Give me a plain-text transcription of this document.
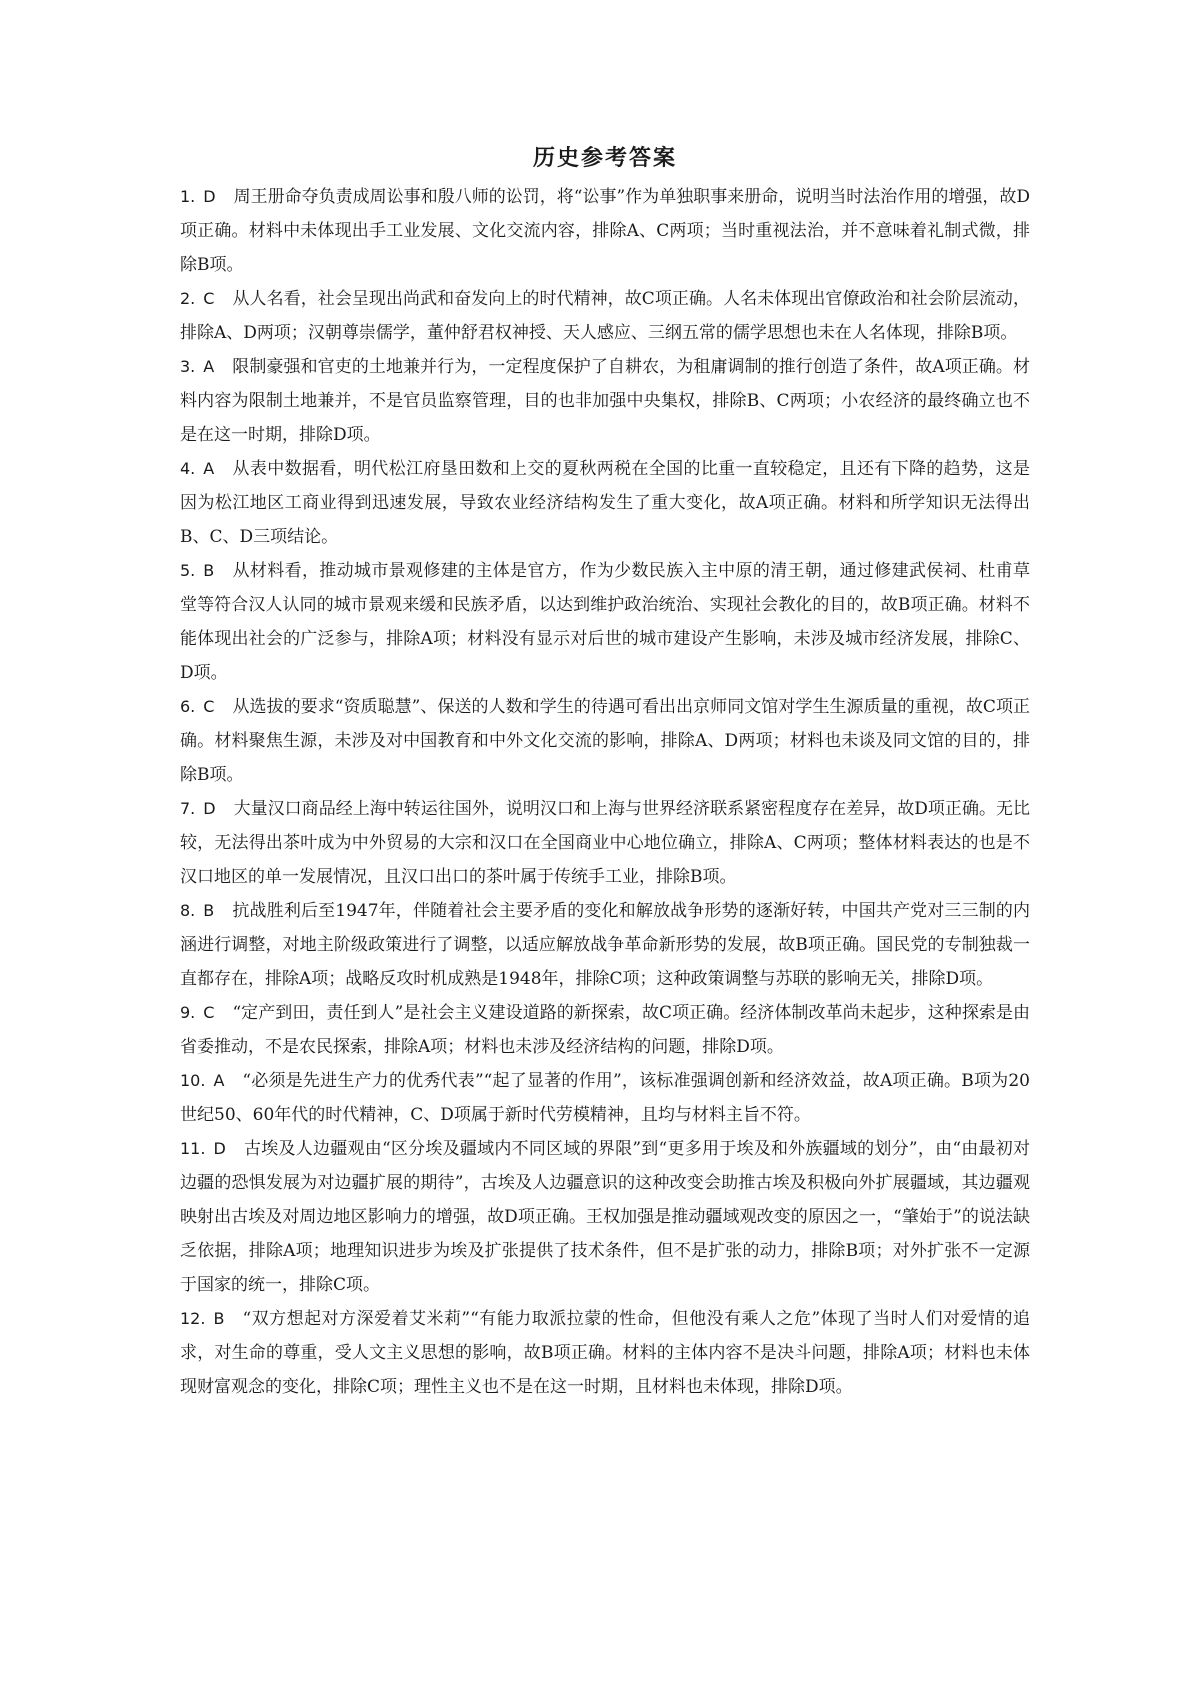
历史参考答案

1. D 周王册命夺负责成周讼事和殷八师的讼罚，将“讼事”作为单独职事来册命，说明当时法治作用的增强，故D项正确。材料中未体现出手工业发展、文化交流内容，排除A、C两项；当时重视法治，并不意味着礼制式微，排除B项。

2. C 从人名看，社会呈现出尚武和奋发向上的时代精神，故C项正确。人名未体现出官僚政治和社会阶层流动，排除A、D两项；汉朝尊崇儒学，董仲舒君权神授、天人感应、三纲五常的儒学思想也未在人名体现，排除B项。

3. A 限制豪强和官吏的土地兼并行为，一定程度保护了自耕农，为租庸调制的推行创造了条件，故A项正确。材料内容为限制土地兼并，不是官员监察管理，目的也非加强中央集权，排除B、C两项；小农经济的最终确立也不是在这一时期，排除D项。

4. A 从表中数据看，明代松江府垦田数和上交的夏秋两税在全国的比重一直较稳定，且还有下降的趋势，这是因为松江地区工商业得到迅速发展，导致农业经济结构发生了重大变化，故A项正确。材料和所学知识无法得出B、C、D三项结论。

5. B 从材料看，推动城市景观修建的主体是官方，作为少数民族入主中原的清王朝，通过修建武侯祠、杜甫草堂等符合汉人认同的城市景观来缓和民族矛盾，以达到维护政治统治、实现社会教化的目的，故B项正确。材料不能体现出社会的广泛参与，排除A项；材料没有显示对后世的城市建设产生影响，未涉及城市经济发展，排除C、D项。

6. C 从选拔的要求“资质聪慧”、保送的人数和学生的待遇可看出出京师同文馆对学生生源质量的重视，故C项正确。材料聚焦生源，未涉及对中国教育和中外文化交流的影响，排除A、D两项；材料也未谈及同文馆的目的，排除B项。

7. D 大量汉口商品经上海中转运往国外，说明汉口和上海与世界经济联系紧密程度存在差异，故D项正确。无比较，无法得出茶叶成为中外贸易的大宗和汉口在全国商业中心地位确立，排除A、C两项；整体材料表达的也是不汉口地区的单一发展情况，且汉口出口的茶叶属于传统手工业，排除B项。

8. B 抗战胜利后至1947年，伴随着社会主要矛盾的变化和解放战争形势的逐渐好转，中国共产党对三三制的内涵进行调整，对地主阶级政策进行了调整，以适应解放战争革命新形势的发展，故B项正确。国民党的专制独裁一直都存在，排除A项；战略反攻时机成熟是1948年，排除C项；这种政策调整与苏联的影响无关，排除D项。

9. C “定产到田，责任到人”是社会主义建设道路的新探索，故C项正确。经济体制改革尚未起步，这种探索是由省委推动，不是农民探索，排除A项；材料也未涉及经济结构的问题，排除D项。

10. A “必须是先进生产力的优秀代表”“起了显著的作用”，该标准强调创新和经济效益，故A项正确。B项为20世纪50、60年代的时代精神，C、D项属于新时代劳模精神，且均与材料主旨不符。

11. D 古埃及人边疆观由“区分埃及疆域内不同区域的界限”到“更多用于埃及和外族疆域的划分”，由“由最初对边疆的恐惧发展为对边疆扩展的期待”，古埃及人边疆意识的这种改变会助推古埃及积极向外扩展疆域，其边疆观映射出古埃及对周边地区影响力的增强，故D项正确。王权加强是推动疆域观改变的原因之一，“肇始于”的说法缺乏依据，排除A项；地理知识进步为埃及扩张提供了技术条件，但不是扩张的动力，排除B项；对外扩张不一定源于国家的统一，排除C项。

12. B “双方想起对方深爱着艾米莉”“有能力取派拉蒙的性命，但他没有乘人之危”体现了当时人们对爱情的追求，对生命的尊重，受人文主义思想的影响，故B项正确。材料的主体内容不是决斗问题，排除A项；材料也未体现财富观念的变化，排除C项；理性主义也不是在这一时期，且材料也未体现，排除D项。
